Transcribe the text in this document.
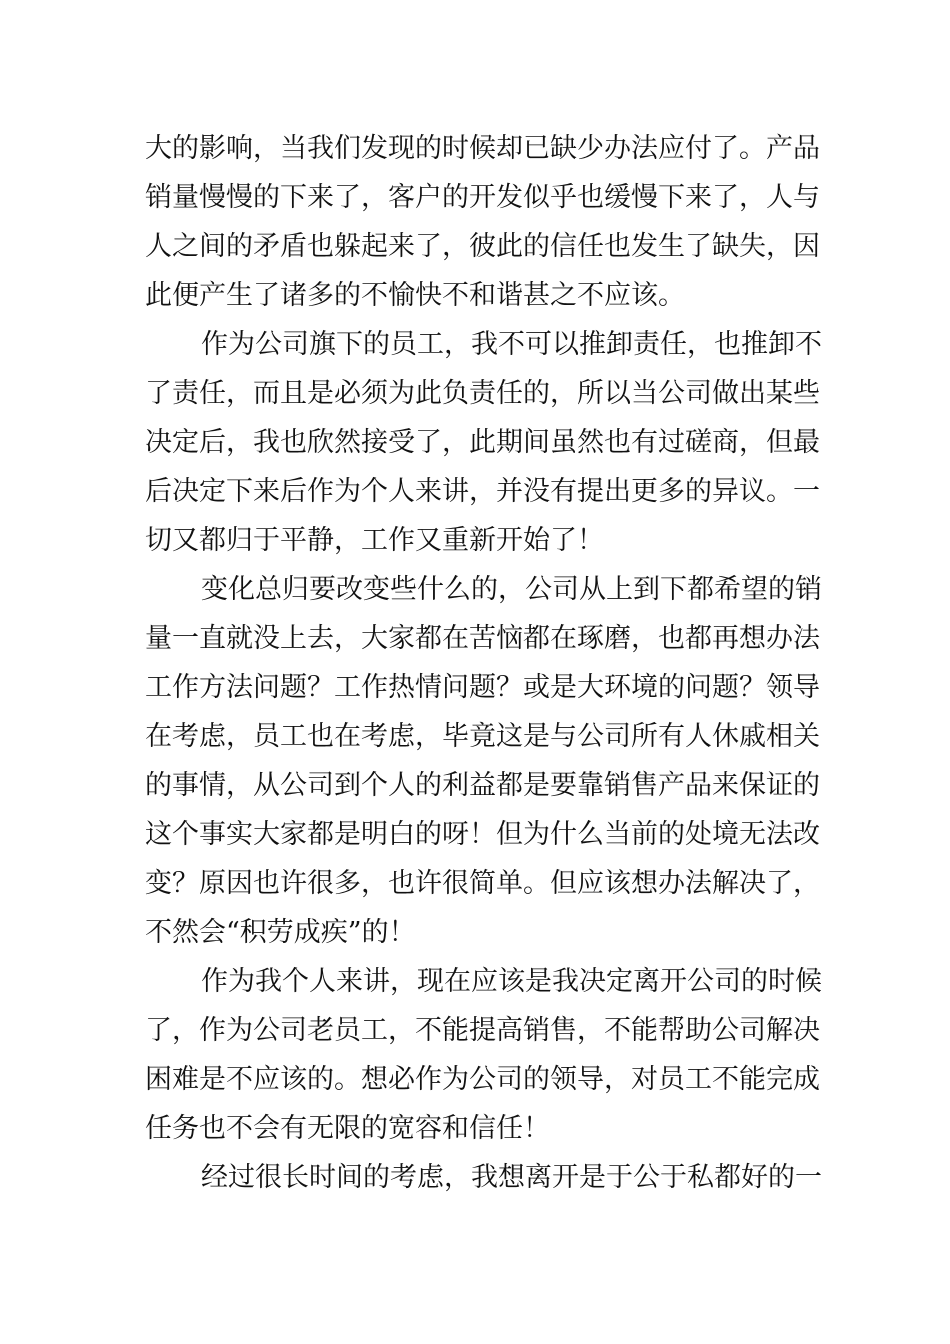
大的影响，当我们发现的时候却已缺少办法应付了。产品
销量慢慢的下来了，客户的开发似乎也缓慢下来了，人与
人之间的矛盾也躲起来了，彼此的信任也发生了缺失，因
此便产生了诸多的不愉快不和谐甚之不应该。
作为公司旗下的员工，我不可以推卸责任，也推卸不
了责任，而且是必须为此负责任的，所以当公司做出某些
决定后，我也欣然接受了，此期间虽然也有过磋商，但最
后决定下来后作为个人来讲，并没有提出更多的异议。一
切又都归于平静，工作又重新开始了！
变化总归要改变些什么的，公司从上到下都希望的销
量一直就没上去，大家都在苦恼都在琢磨，也都再想办法
工作方法问题？工作热情问题？或是大环境的问题？领导
在考虑，员工也在考虑，毕竟这是与公司所有人休戚相关
的事情，从公司到个人的利益都是要靠销售产品来保证的
这个事实大家都是明白的呀！但为什么当前的处境无法改
变？原因也许很多，也许很简单。但应该想办法解决了，
不然会“积劳成疾”的！
作为我个人来讲，现在应该是我决定离开公司的时候
了，作为公司老员工，不能提高销售，不能帮助公司解决
困难是不应该的。想必作为公司的领导，对员工不能完成
任务也不会有无限的宽容和信任！
经过很长时间的考虑，我想离开是于公于私都好的一
